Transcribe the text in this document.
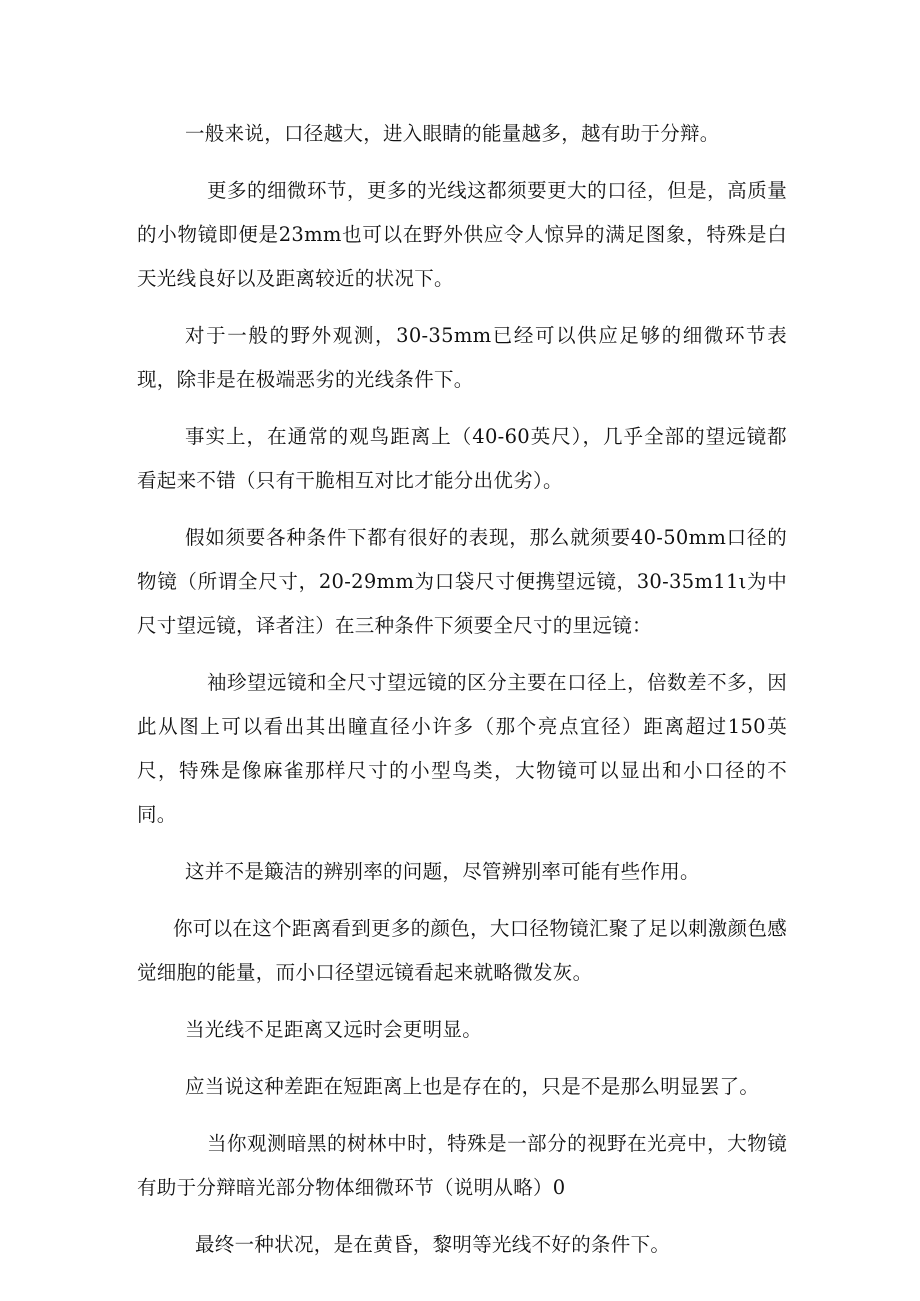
一般来说，口径越大，进入眼睛的能量越多，越有助于分辩。

更多的细微环节，更多的光线这都须要更大的口径，但是，高质量的小物镜即便是23mm也可以在野外供应令人惊异的满足图象，特殊是白天光线良好以及距离较近的状况下。

对于一般的野外观测，30-35mm已经可以供应足够的细微环节表现，除非是在极端恶劣的光线条件下。

事实上，在通常的观鸟距离上（40-60英尺），几乎全部的望远镜都看起来不错（只有干脆相互对比才能分出优劣）。

假如须要各种条件下都有很好的表现，那么就须要40-50mm口径的物镜（所谓全尺寸，20-29mm为口袋尺寸便携望远镜，30-35m11ι为中尺寸望远镜，译者注）在三种条件下须要全尺寸的里远镜：

袖珍望远镜和全尺寸望远镜的区分主要在口径上，倍数差不多，因此从图上可以看出其出瞳直径小许多（那个亮点宜径）距离超过150英尺，特殊是像麻雀那样尺寸的小型鸟类，大物镜可以显出和小口径的不同。

这并不是簸洁的辨别率的问题，尽管辨别率可能有些作用。

你可以在这个距离看到更多的颜色，大口径物镜汇聚了足以刺激颜色感觉细胞的能量，而小口径望远镜看起来就略微发灰。

当光线不足距离又远时会更明显。

应当说这种差距在短距离上也是存在的，只是不是那么明显罢了。

当你观测暗黑的树林中时，特殊是一部分的视野在光亮中，大物镜有助于分辩暗光部分物体细微环节（说明从略）0

最终一种状况，是在黄昏，黎明等光线不好的条件下。
